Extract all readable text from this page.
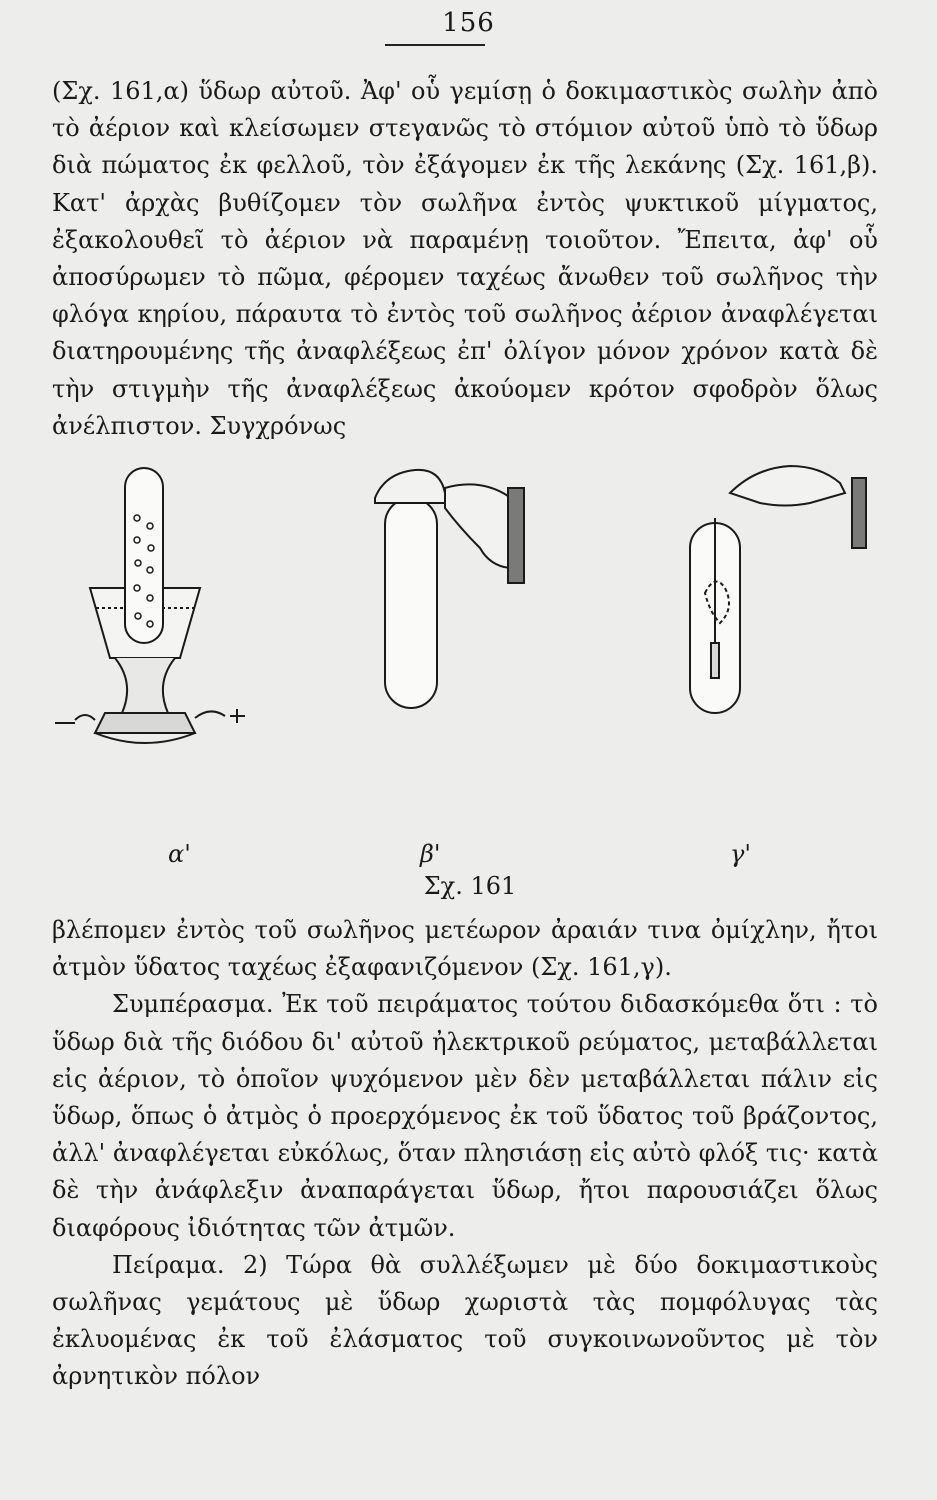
156

(Σχ. 161,α) ὕδωρ αὐτοῦ. Ἀφ' οὗ γεμίσῃ ὁ δοκιμαστικὸς σωλὴν ἀπὸ τὸ ἀέριον καὶ κλείσωμεν στεγανῶς τὸ στόμιον αὐτοῦ ὑπὸ τὸ ὕδωρ διὰ πώματος ἐκ φελλοῦ, τὸν ἐξάγομεν ἐκ τῆς λεκάνης (Σχ. 161,β). Κατ' ἀρχὰς βυθίζομεν τὸν σωλῆνα ἐντὸς ψυκτικοῦ μίγματος, ἐξακολουθεῖ τὸ ἀέριον νὰ παραμένῃ τοιοῦτον. Ἔπειτα, ἀφ' οὗ ἀποσύρωμεν τὸ πῶμα, φέρομεν ταχέως ἄνωθεν τοῦ σωλῆνος τὴν φλόγα κηρίου, πάραυτα τὸ ἐντὸς τοῦ σωλῆνος ἀέριον ἀναφλέγεται διατηρουμένης τῆς ἀναφλέξεως ἐπ' ὀλίγον μόνον χρόνον κατὰ δὲ τὴν στιγμὴν τῆς ἀναφλέξεως ἀκούομεν κρότον σφοδρὸν ὅλως ἀνέλπιστον. Συγχρόνως

α'	β'	γ'
Σχ. 161

βλέπομεν ἐντὸς τοῦ σωλῆνος μετέωρον ἀραιάν τινα ὀμίχλην, ἤτοι ἀτμὸν ὕδατος ταχέως ἐξαφανιζόμενον (Σχ. 161,γ).

Συμπέρασμα. Ἐκ τοῦ πειράματος τούτου διδασκόμεθα ὅτι : τὸ ὕδωρ διὰ τῆς διόδου δι' αὐτοῦ ἠλεκτρικοῦ ρεύματος, μεταβάλλεται εἰς ἀέριον, τὸ ὁποῖον ψυχόμενον μὲν δὲν μεταβάλλεται πάλιν εἰς ὕδωρ, ὅπως ὁ ἀτμὸς ὁ προερχόμενος ἐκ τοῦ ὕδατος τοῦ βράζοντος, ἀλλ' ἀναφλέγεται εὐκόλως, ὅταν πλησιάσῃ εἰς αὐτὸ φλόξ τις· κατὰ δὲ τὴν ἀνάφλεξιν ἀναπαράγεται ὕδωρ, ἤτοι παρουσιάζει ὅλως διαφόρους ἰδιότητας τῶν ἀτμῶν.

Πείραμα. 2) Τώρα θὰ συλλέξωμεν μὲ δύο δοκιμαστικοὺς σωλῆνας γεμάτους μὲ ὕδωρ χωριστὰ τὰς πομφόλυγας τὰς ἐκλυομένας ἐκ τοῦ ἐλάσματος τοῦ συγκοινωνοῦντος μὲ τὸν ἀρνητικὸν πόλον
